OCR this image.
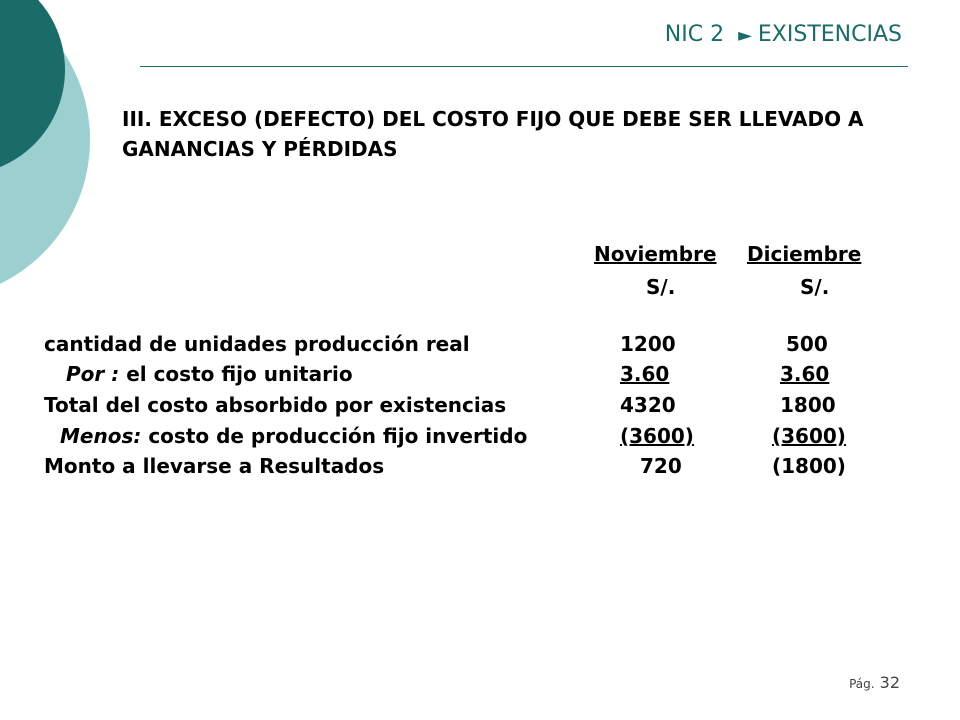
NIC 2 ► EXISTENCIAS
III. EXCESO (DEFECTO) DEL COSTO FIJO QUE DEBE SER LLEVADO A GANANCIAS Y PÉRDIDAS
Noviembre Diciembre
S/.	S/.
cantidad de unidades producción real	1200	500
Por : el costo fijo unitario	3.60	3.60
Total del costo absorbido por existencias	4320	1800
Menos: costo de producción fijo invertido	(3600)	(3600)
Monto a llevarse a Resultados	720	(1800)
Pág. 32
